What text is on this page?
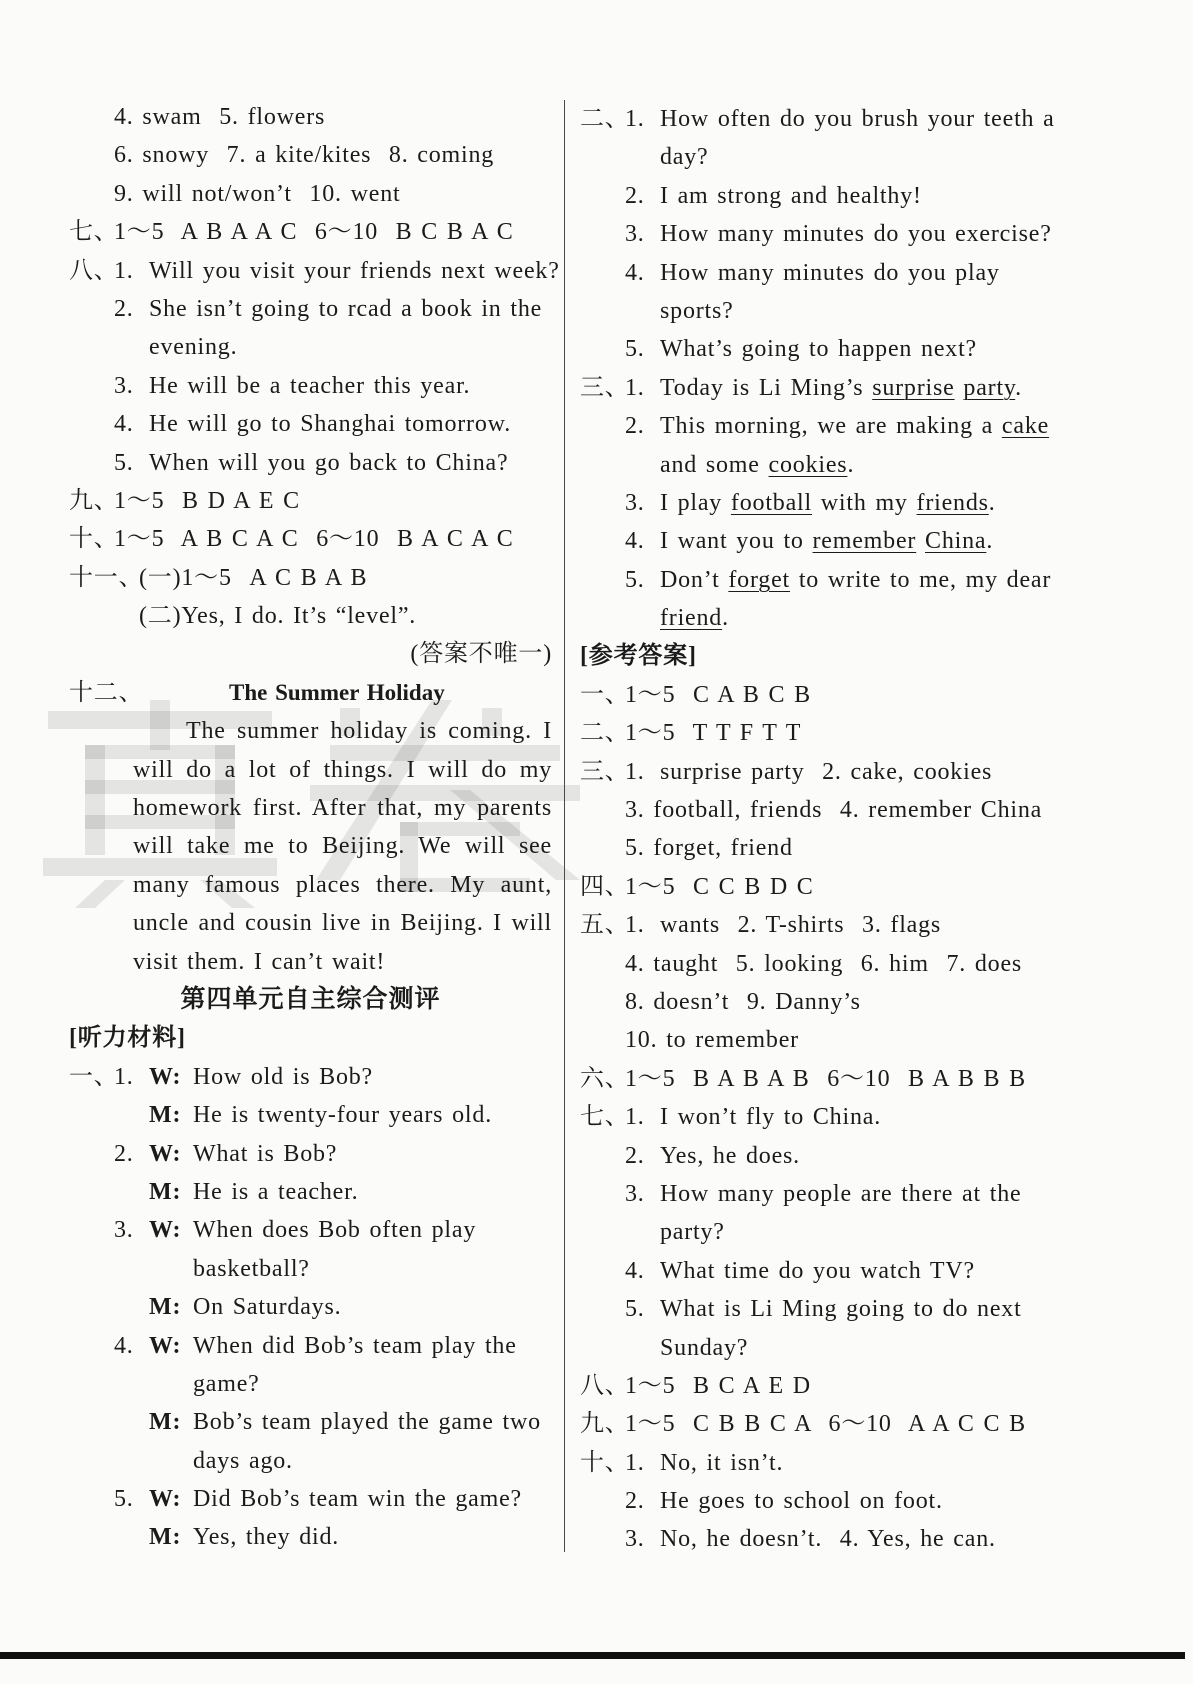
4. swam  5. flowers
6. snowy  7. a kite/kites  8. coming
9. will not/won’t  10. went
七、1～5  A B A A C  6～10  B C B A C
八、1. Will you visit your friends next week?
2. She isn’t going to rcad a book in the
evening.
3. He will be a teacher this year.
4. He will go to Shanghai tomorrow.
5. When will you go back to China?
九、1～5  B D A E C
十、1～5  A B C A C  6～10  B A C A C
十一、(一)1～5  A C B A B
(二)Yes, I do. It’s “level”.
(答案不唯一)
十二、	The Summer Holiday
The summer holiday is coming. I
will do a lot of things. I will do my
homework first. After that, my parents
will take me to Beijing. We will see
many famous places there. My aunt,
uncle and cousin live in Beijing. I will
visit them. I can’t wait!
第四单元自主综合测评
[听力材料]
一、1. W: How old is Bob?
M: He is twenty-four years old.
2. W: What is Bob?
M: He is a teacher.
3. W: When does Bob often play
basketball?
M: On Saturdays.
4. W: When did Bob’s team play the
game?
M: Bob’s team played the game two
days ago.
5. W: Did Bob’s team win the game?
M: Yes, they did.
二、1. How often do you brush your teeth a
day?
2. I am strong and healthy!
3. How many minutes do you exercise?
4. How many minutes do you play
sports?
5. What’s going to happen next?
三、1. Today is Li Ming’s surprise party.
2. This morning, we are making a cake
and some cookies.
3. I play football with my friends.
4. I want you to remember China.
5. Don’t forget to write to me, my dear
friend.
[参考答案]
一、1～5  C A B C B
二、1～5  T T F T T
三、1. surprise party  2. cake, cookies
3. football, friends  4. remember China
5. forget, friend
四、1～5  C C B D C
五、1. wants  2. T-shirts  3. flags
4. taught  5. looking  6. him  7. does
8. doesn’t  9. Danny’s
10. to remember
六、1～5  B A B A B  6～10  B A B B B
七、1. I won’t fly to China.
2. Yes, he does.
3. How many people are there at the
party?
4. What time do you watch TV?
5. What is Li Ming going to do next
Sunday?
八、1～5  B C A E D
九、1～5  C B B C A  6～10  A A C C B
十、1. No, it isn’t.
2. He goes to school on foot.
3. No, he doesn’t.  4. Yes, he can.
